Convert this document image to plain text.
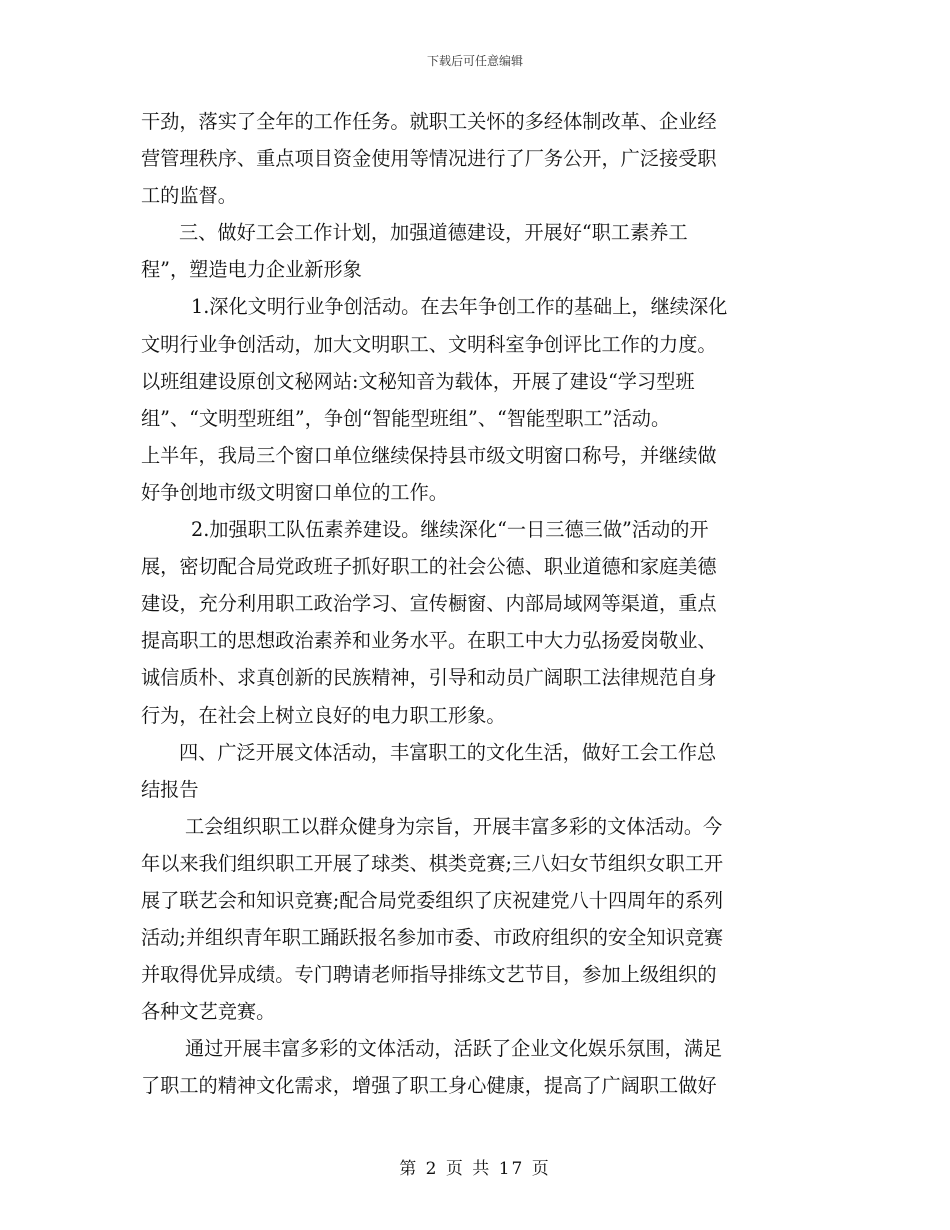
下载后可任意编辑
干劲，落实了全年的工作任务。就职工关怀的多经体制改革、企业经
营管理秩序、重点项目资金使用等情况进行了厂务公开，广泛接受职
工的监督。
三、做好工会工作计划，加强道德建设，开展好“职工素养工
程”，塑造电力企业新形象
1.深化文明行业争创活动。在去年争创工作的基础上，继续深化
文明行业争创活动，加大文明职工、文明科室争创评比工作的力度。
以班组建设原创文秘网站:文秘知音为载体，开展了建设“学习型班
组”、“文明型班组”，争创“智能型班组”、“智能型职工”活动。
上半年，我局三个窗口单位继续保持县市级文明窗口称号，并继续做
好争创地市级文明窗口单位的工作。
2.加强职工队伍素养建设。继续深化“一日三德三做”活动的开
展，密切配合局党政班子抓好职工的社会公德、职业道德和家庭美德
建设，充分利用职工政治学习、宣传橱窗、内部局域网等渠道，重点
提高职工的思想政治素养和业务水平。在职工中大力弘扬爱岗敬业、
诚信质朴、求真创新的民族精神，引导和动员广阔职工法律规范自身
行为，在社会上树立良好的电力职工形象。
四、广泛开展文体活动，丰富职工的文化生活，做好工会工作总
结报告
工会组织职工以群众健身为宗旨，开展丰富多彩的文体活动。今
年以来我们组织职工开展了球类、棋类竞赛;三八妇女节组织女职工开
展了联艺会和知识竞赛;配合局党委组织了庆祝建党八十四周年的系列
活动;并组织青年职工踊跃报名参加市委、市政府组织的安全知识竞赛
并取得优异成绩。专门聘请老师指导排练文艺节目，参加上级组织的
各种文艺竞赛。
通过开展丰富多彩的文体活动，活跃了企业文化娱乐氛围，满足
了职工的精神文化需求，增强了职工身心健康，提高了广阔职工做好
第 2 页 共 17 页
